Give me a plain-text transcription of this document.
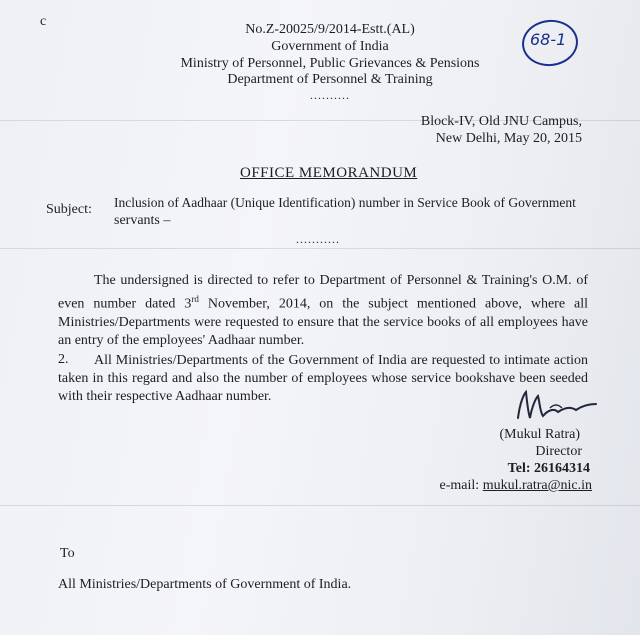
c
No.Z-20025/9/2014-Estt.(AL)
Government of India
Ministry of Personnel, Public Grievances & Pensions
Department of Personnel & Training
..........
68-1
Block-IV, Old JNU Campus,
New Delhi, May 20, 2015
OFFICE MEMORANDUM
Subject: Inclusion of Aadhaar (Unique Identification) number in Service Book of Government
servants –
...........
The undersigned is directed to refer to Department of Personnel & Training's O.M. of even number dated 3rd November, 2014, on the subject mentioned above, where all Ministries/Departments were requested to ensure that the service books of all employees have an entry of the employees' Aadhaar number.
2.	All Ministries/Departments of the Government of India are requested to intimate action taken in this regard and also the number of employees whose service bookshave been seeded with their respective Aadhaar number.
(Mukul Ratra)
Director
Tel: 26164314
e-mail: mukul.ratra@nic.in
To
All Ministries/Departments of Government of India.
